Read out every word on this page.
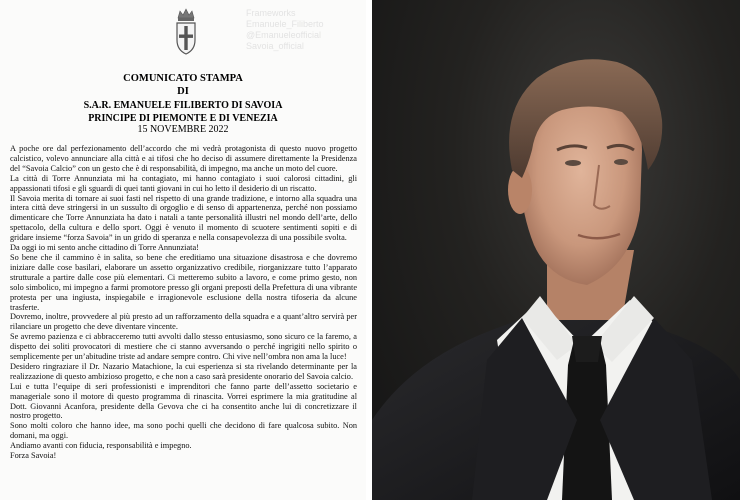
Frameworks
Emanuele_Filiberto
@Emanueleofficial
Savoia_official
COMUNICATO STAMPA
DI
S.A.R. EMANUELE FILIBERTO DI SAVOIA
PRINCIPE DI PIEMONTE E DI VENEZIA
15 NOVEMBRE 2022

A poche ore dal perfezionamento dell’accordo che mi vedrà protagonista di questo nuovo progetto calcistico, volevo annunciare alla città e ai tifosi che ho deciso di assumere direttamente la Presidenza del “Savoia Calcio” con un gesto che è di responsabilità, di impegno, ma anche un moto del cuore.

La città di Torre Annunziata mi ha contagiato, mi hanno contagiato i suoi calorosi cittadini, gli appassionati tifosi e gli sguardi di quei tanti giovani in cui ho letto il desiderio di un riscatto.

Il Savoia merita di tornare ai suoi fasti nel rispetto di una grande tradizione, e intorno alla squadra una intera città deve stringersi in un sussulto di orgoglio e di senso di appartenenza, perché non possiamo dimenticare che Torre Annunziata ha dato i natali a tante personalità illustri nel mondo dell’arte, dello spettacolo, della cultura e dello sport. Oggi è venuto il momento di scuotere sentimenti sopiti e di gridare insieme “forza Savoia” in un grido di speranza e nella consapevolezza di una possibile svolta.

Da oggi io mi sento anche cittadino di Torre Annunziata!

So bene che il cammino è in salita, so bene che ereditiamo una situazione disastrosa e che dovremo iniziare dalle cose basilari, elaborare un assetto organizzativo credibile, riorganizzare tutto l’apparato strutturale a partire dalle cose più elementari. Ci metteremo subito a lavoro, e come primo gesto, non solo simbolico, mi impegno a farmi promotore presso gli organi preposti della Prefettura di una vibrante protesta per una ingiusta, inspiegabile e irragionevole esclusione della nostra tifoseria da alcune trasferte.

Dovremo, inoltre, provvedere al più presto ad un rafforzamento della squadra e a quant’altro servirà per rilanciare un progetto che deve diventare vincente.

Se avremo pazienza e ci abbracceremo tutti avvolti dallo stesso entusiasmo, sono sicuro ce la faremo, a dispetto dei soliti provocatori di mestiere che ci stanno avversando o perché ingrigiti nello spirito o semplicemente per un’abitudine triste ad andare sempre contro. Chi vive nell’ombra non ama la luce!

Desidero ringraziare il Dr. Nazario Matachione, la cui esperienza si sta rivelando determinante per la realizzazione di questo ambizioso progetto, e che non a caso sarà presidente onorario del Savoia calcio.

Lui e tutta l’equipe di seri professionisti e imprenditori che fanno parte dell’assetto societario e manageriale sono il motore di questo programma di rinascita. Vorrei esprimere la mia gratitudine al Dott. Giovanni Acanfora, presidente della Gevova che ci ha consentito anche lui di concretizzare il nostro progetto.

Sono molti coloro che hanno idee, ma sono pochi quelli che decidono di fare qualcosa subito. Non domani, ma oggi.

Andiamo avanti con fiducia, responsabilità e impegno.

Forza Savoia!
